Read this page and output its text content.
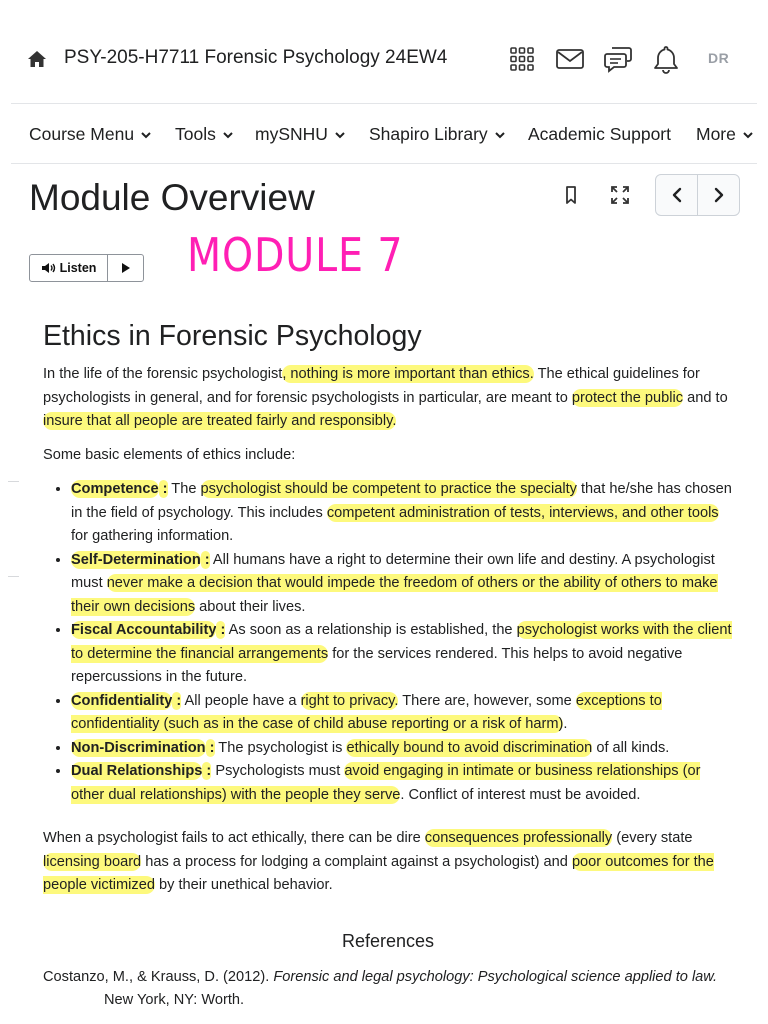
PSY-205-H7711 Forensic Psychology 24EW4	DR
Course Menu Tools mySNHU Shapiro Library Academic Support More
Module Overview
Listen MODULE 7
Ethics in Forensic Psychology

In the life of the forensic psychologist, nothing is more important than ethics. The ethical guidelines for psychologists in general, and for forensic psychologists in particular, are meant to protect the public and to insure that all people are treated fairly and responsibly.

Some basic elements of ethics include:

• Competence : The psychologist should be competent to practice the specialty that he/she has chosen in the field of psychology. This includes competent administration of tests, interviews, and other tools for gathering information.
• Self-Determination : All humans have a right to determine their own life and destiny. A psychologist must never make a decision that would impede the freedom of others or the ability of others to make their own decisions about their lives.
• Fiscal Accountability : As soon as a relationship is established, the psychologist works with the client to determine the financial arrangements for the services rendered. This helps to avoid negative repercussions in the future.
• Confidentiality : All people have a right to privacy. There are, however, some exceptions to confidentiality (such as in the case of child abuse reporting or a risk of harm).
• Non-Discrimination : The psychologist is ethically bound to avoid discrimination of all kinds.
• Dual Relationships : Psychologists must avoid engaging in intimate or business relationships (or other dual relationships) with the people they serve. Conflict of interest must be avoided.

When a psychologist fails to act ethically, there can be dire consequences professionally (every state licensing board has a process for lodging a complaint against a psychologist) and poor outcomes for the people victimized by their unethical behavior.

References

Costanzo, M., & Krauss, D. (2012). Forensic and legal psychology: Psychological science applied to law. New York, NY: Worth.
